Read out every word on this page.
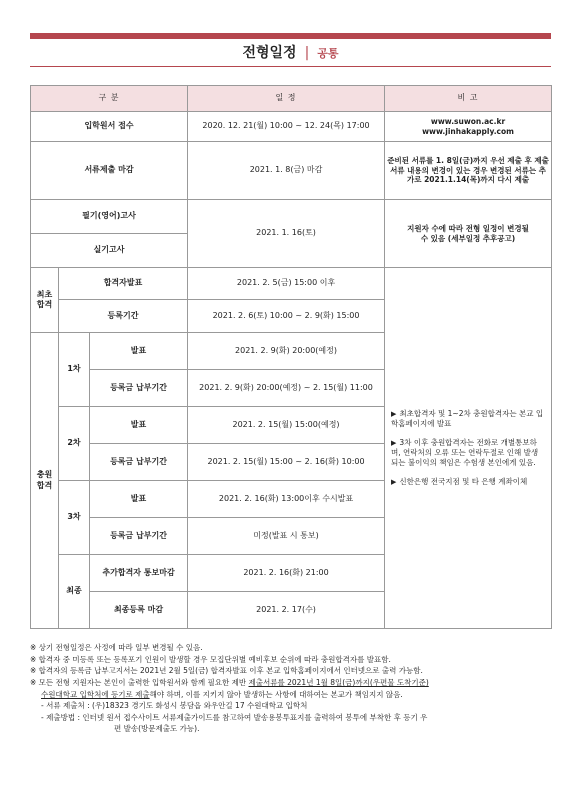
전형일정 | 공통
구 분			일 정	비 고
입학원서 접수			2020. 12. 21(월) 10:00 ~ 12. 24(목) 17:00	www.suwon.ac.kr
www.jinhakapply.com

서류제출 마감			2021. 1. 8(금) 마감	준비된 서류를 1. 8일(금)까지 우선 제출 후 제출서류 내용의 변경이 있는 경우 변경된 서류는 추가로 2021.1.14(목)까지 다시 제출
필기(영어)고사			2021. 1. 16(토)	지원자 수에 따라 전형 일정이 변경될 수 있음 (세부일정 추후공고)
실기고사				
최초 합격	합격자발표		2021. 2. 5(금) 15:00 이후	▶ 최초합격자 및 1~2차 충원합격자는 본교 입학홈페이지에 발표

▶ 3차 이후 충원합격자는 전화로 개별통보하며, 연락처의 오류 또는 연락두절로 인해 발생되는 불이익의 책임은 수험생 본인에게 있음.

▶ 신한은행 전국지점 및 타 은행 계좌이체

	등록기간		2021. 2. 6(토) 10:00 ~ 2. 9(화) 15:00	
충원 합격	1차	발표	2021. 2. 9(화) 20:00(예정)	
		등록금 납부기간	2021. 2. 9(화) 20:00(예정) ~ 2. 15(월) 11:00	
	2차	발표	2021. 2. 15(월) 15:00(예정)	
		등록금 납부기간	2021. 2. 15(월) 15:00 ~ 2. 16(화) 10:00	
	3차	발표	2021. 2. 16(화) 13:00이후 수시발표	
		등록금 납부기간	미정(발표 시 통보)	
	최종	추가합격자 통보마감	2021. 2. 16(화) 21:00	
		최종등록 마감	2021. 2. 17(수)	
※ 상기 전형일정은 사정에 따라 일부 변경될 수 있음.
※ 합격자 중 미등록 또는 등록포기 인원이 발생할 경우 모집단위별 예비후보 순위에 따라 충원합격자를 발표함.
※ 합격자의 등록금 납부고지서는 2021년 2월 5일(금) 합격자발표 이후 본교 입학홈페이지에서 인터넷으로 출력 가능함.
※ 모든 전형 지원자는 본인이 출력한 입학원서와 함께 필요한 제반 제출서류를 2021년 1월 8일(금)까지(우편물 도착기준)
수원대학교 입학처에 등기로 제출해야 하며, 이를 지키지 않아 발생하는 사항에 대하여는 본교가 책임지지 않음.
- 서류 제출처 : (우)18323 경기도 화성시 봉담읍 와우안길 17 수원대학교 입학처
- 제출방법 : 인터넷 원서 접수사이트 서류제출가이드를 참고하여 발송용봉투표지를 출력하여 봉투에 부착한 후 등기 우
편 발송(방문제출도 가능).
